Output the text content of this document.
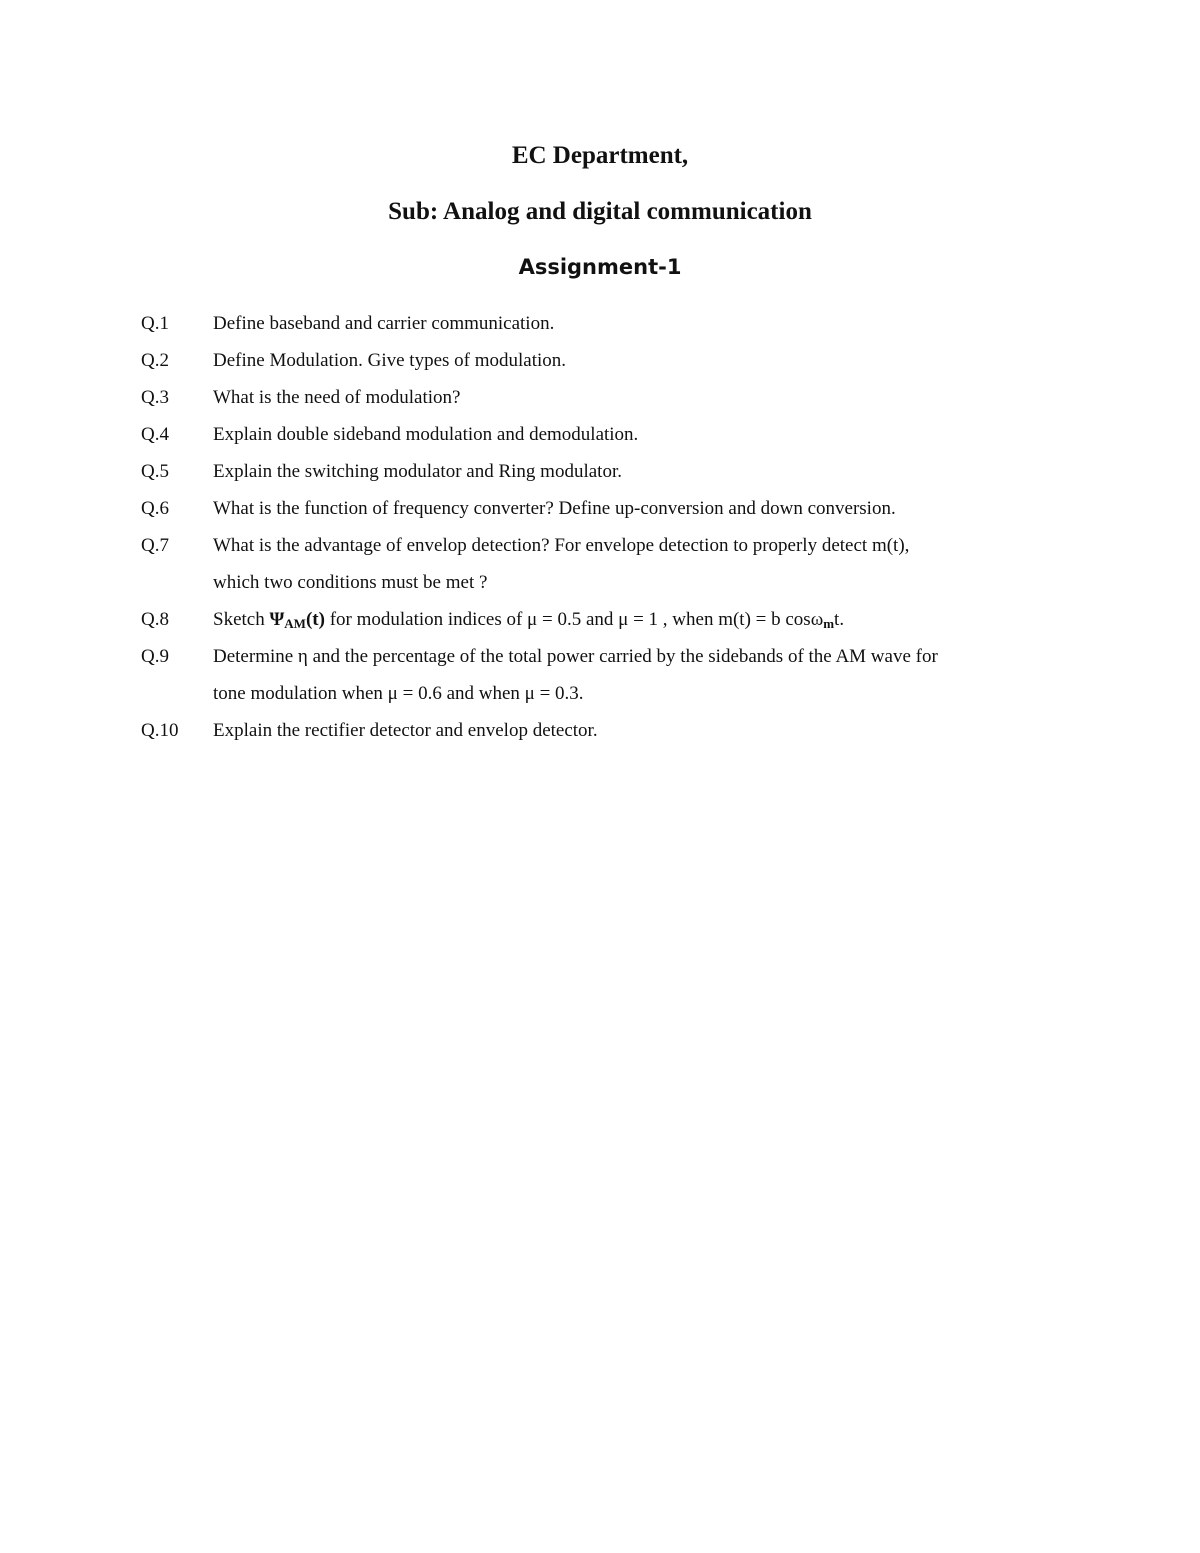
EC Department,
Sub: Analog and digital communication
Assignment-1
Q.1	Define baseband and carrier communication.
Q.2	Define Modulation. Give types of modulation.
Q.3	What is the need of modulation?
Q.4	Explain double sideband modulation and demodulation.
Q.5	Explain the switching modulator and Ring modulator.
Q.6	What is the function of frequency converter? Define up-conversion and down conversion.
Q.7	What is the advantage of envelop detection? For envelope detection to properly detect m(t),
which two conditions must be met ?
Q.8	Sketch $\Psi_{AM}(t)$ for modulation indices of μ = 0.5 and μ = 1 , when m(t) = b cosω$_m$t.
Q.9	Determine η and the percentage of the total power carried by the sidebands of the AM wave for
tone modulation when μ = 0.6 and when μ = 0.3.
Q.10	Explain the rectifier detector and envelop detector.
